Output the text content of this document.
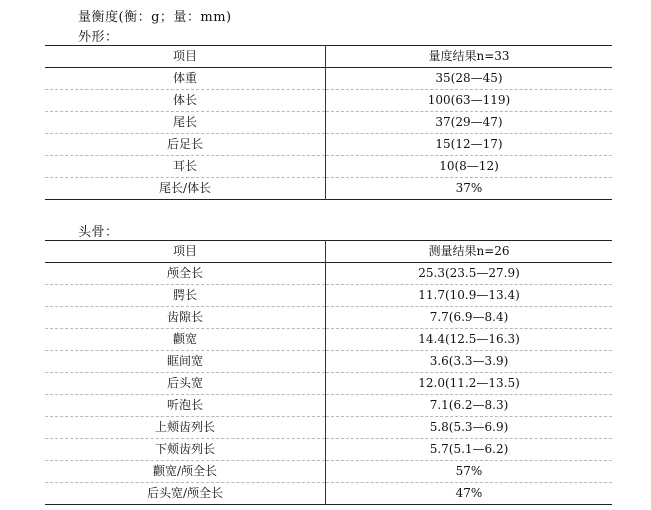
量衡度(衡：g；量：mm)
外形：
项目	量度结果n=33
体重	35(28—45)
体长	100(63—119)
尾长	37(29—47)
后足长	15(12—17)
耳长	10(8—12)
尾长/体长	37%
头骨：
项目	测量结果n=26
颅全长	25.3(23.5—27.9)
腭长	11.7(10.9—13.4)
齿隙长	7.7(6.9—8.4)
颧宽	14.4(12.5—16.3)
眶间宽	3.6(3.3—3.9)
后头宽	12.0(11.2—13.5)
听泡长	7.1(6.2—8.3)
上颊齿列长	5.8(5.3—6.9)
下颊齿列长	5.7(5.1—6.2)
颧宽/颅全长	57%
后头宽/颅全长	47%
